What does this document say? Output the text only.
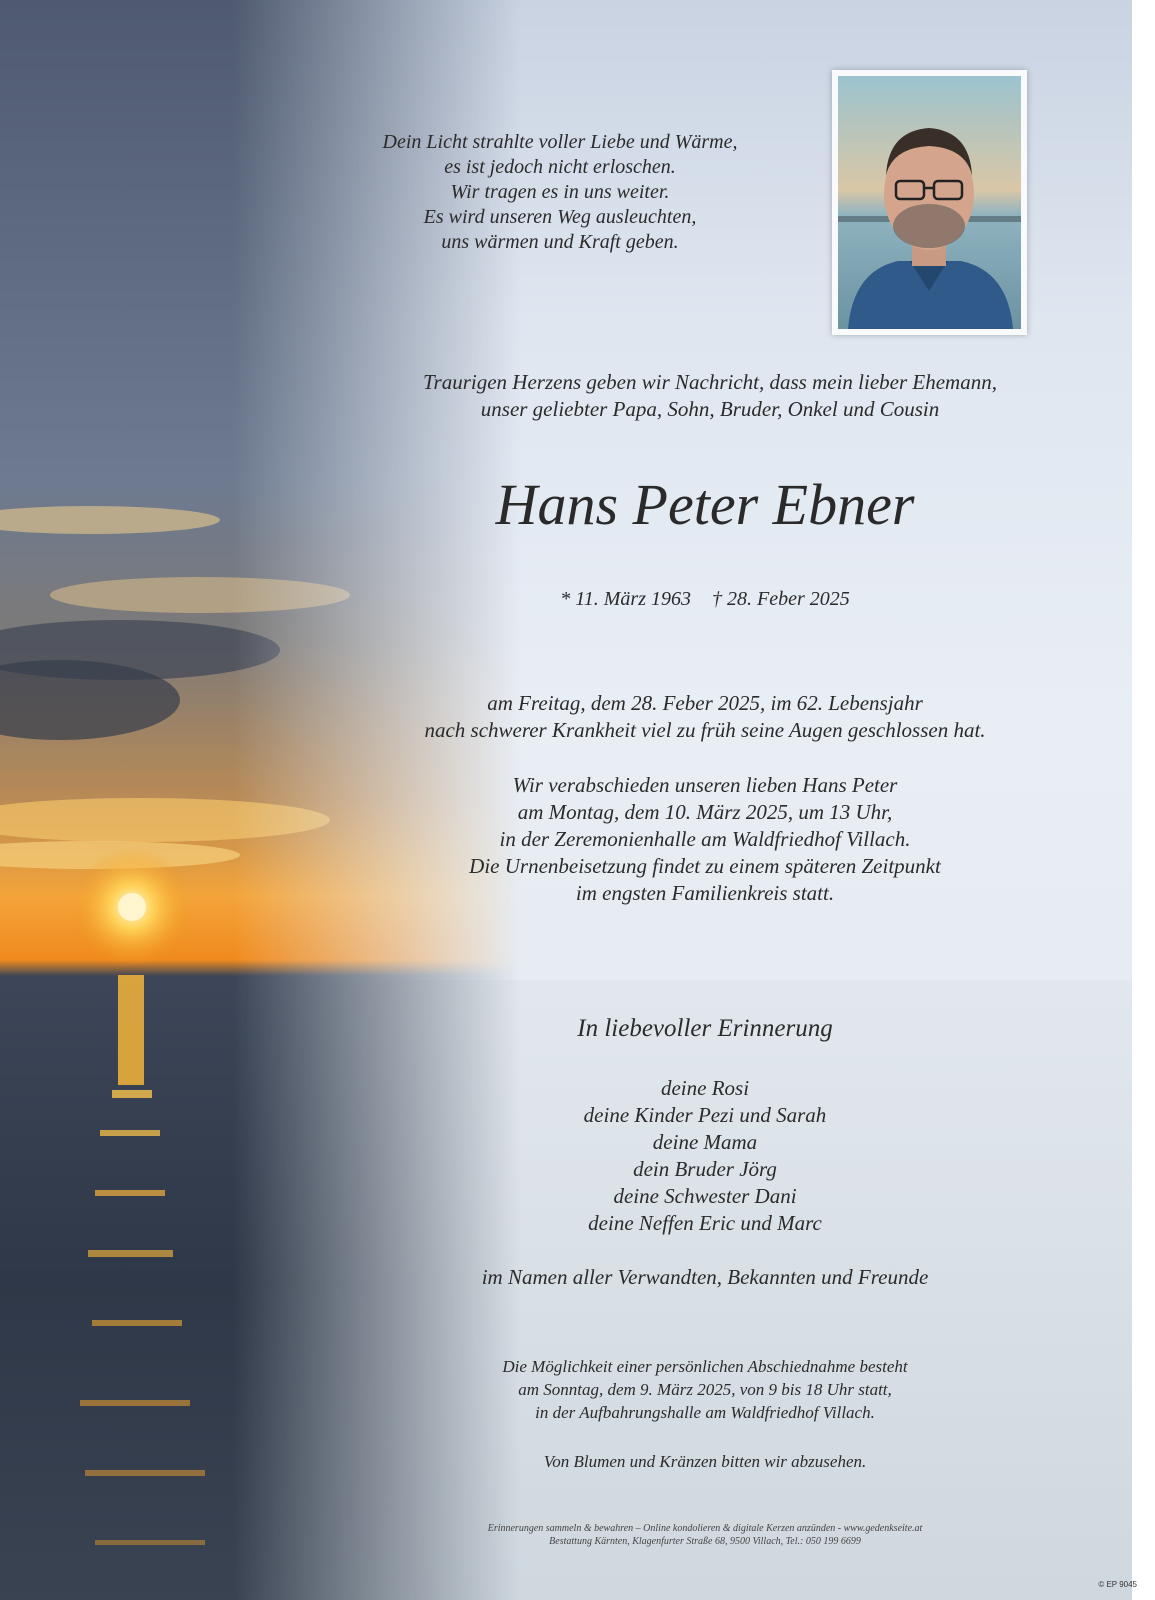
Dein Licht strahlte voller Liebe und Wärme,
es ist jedoch nicht erloschen.
Wir tragen es in uns weiter.
Es wird unseren Weg ausleuchten,
uns wärmen und Kraft geben.
Traurigen Herzens geben wir Nachricht, dass mein lieber Ehemann,
unser geliebter Papa, Sohn, Bruder, Onkel und Cousin
Hans Peter Ebner
* 11. März 1963 † 28. Feber 2025
am Freitag, dem 28. Feber 2025, im 62. Lebensjahr
nach schwerer Krankheit viel zu früh seine Augen geschlossen hat.
Wir verabschieden unseren lieben Hans Peter
am Montag, dem 10. März 2025, um 13 Uhr,
in der Zeremonienhalle am Waldfriedhof Villach.
Die Urnenbeisetzung findet zu einem späteren Zeitpunkt
im engsten Familienkreis statt.
In liebevoller Erinnerung
deine Rosi
deine Kinder Pezi und Sarah
deine Mama
dein Bruder Jörg
deine Schwester Dani
deine Neffen Eric und Marc
im Namen aller Verwandten, Bekannten und Freunde
Die Möglichkeit einer persönlichen Abschiednahme besteht
am Sonntag, dem 9. März 2025, von 9 bis 18 Uhr statt,
in der Aufbahrungshalle am Waldfriedhof Villach.
Von Blumen und Kränzen bitten wir abzusehen.
Erinnerungen sammeln & bewahren – Online kondolieren & digitale Kerzen anzünden - www.gedenkseite.at
Bestattung Kärnten, Klagenfurter Straße 68, 9500 Villach, Tel.: 050 199 6699
© EP 9045
